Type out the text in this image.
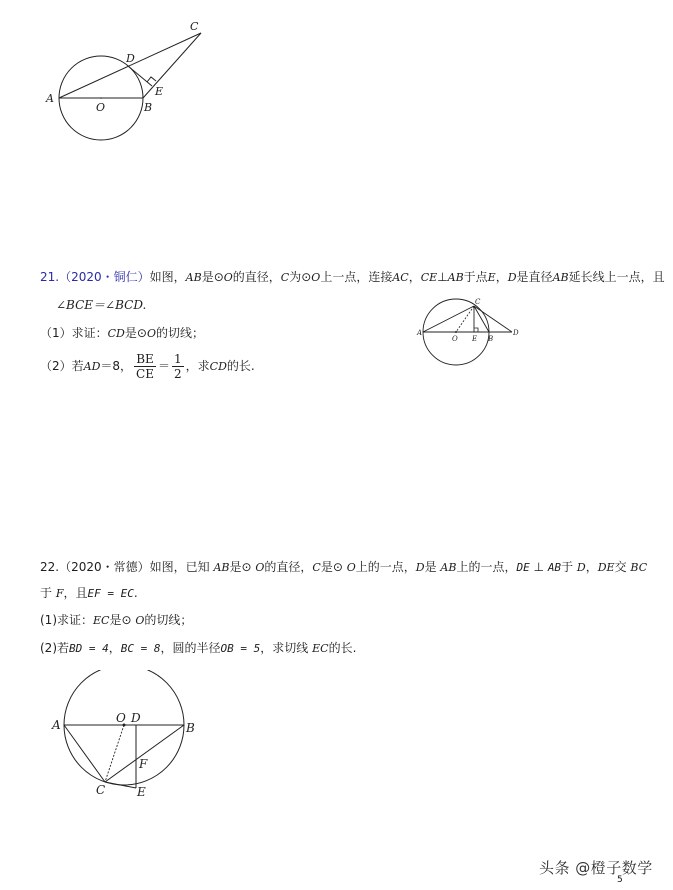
C
D
E
A
O	B
21.（2020・铜仁）如图，AB是⊙O的直径，C为⊙O上一点，连接AC，CE⊥AB于点E，D是直径AB延长线上一点，且
∠BCE＝∠BCD.
（1）求证：CD是⊙O的切线；
（2）若AD＝8， $\frac{BE}{CE} = \frac{1}{2}$ ，求CD的长.
C
A
O E B
D
22.（2020・常德）如图，已知 AB是⊙ O的直径，C是⊙ O上的一点，D是 AB上的一点，DE ⊥ AB于 D，DE交 BC
于 F，且EF = EC.
(1)求证：EC是⊙ O的切线；
(2)若BD = 4，BC = 8，圆的半径OB = 5，求切线 EC的长.
A	O D
B
F
C	E
头条 @橙子数学
5
